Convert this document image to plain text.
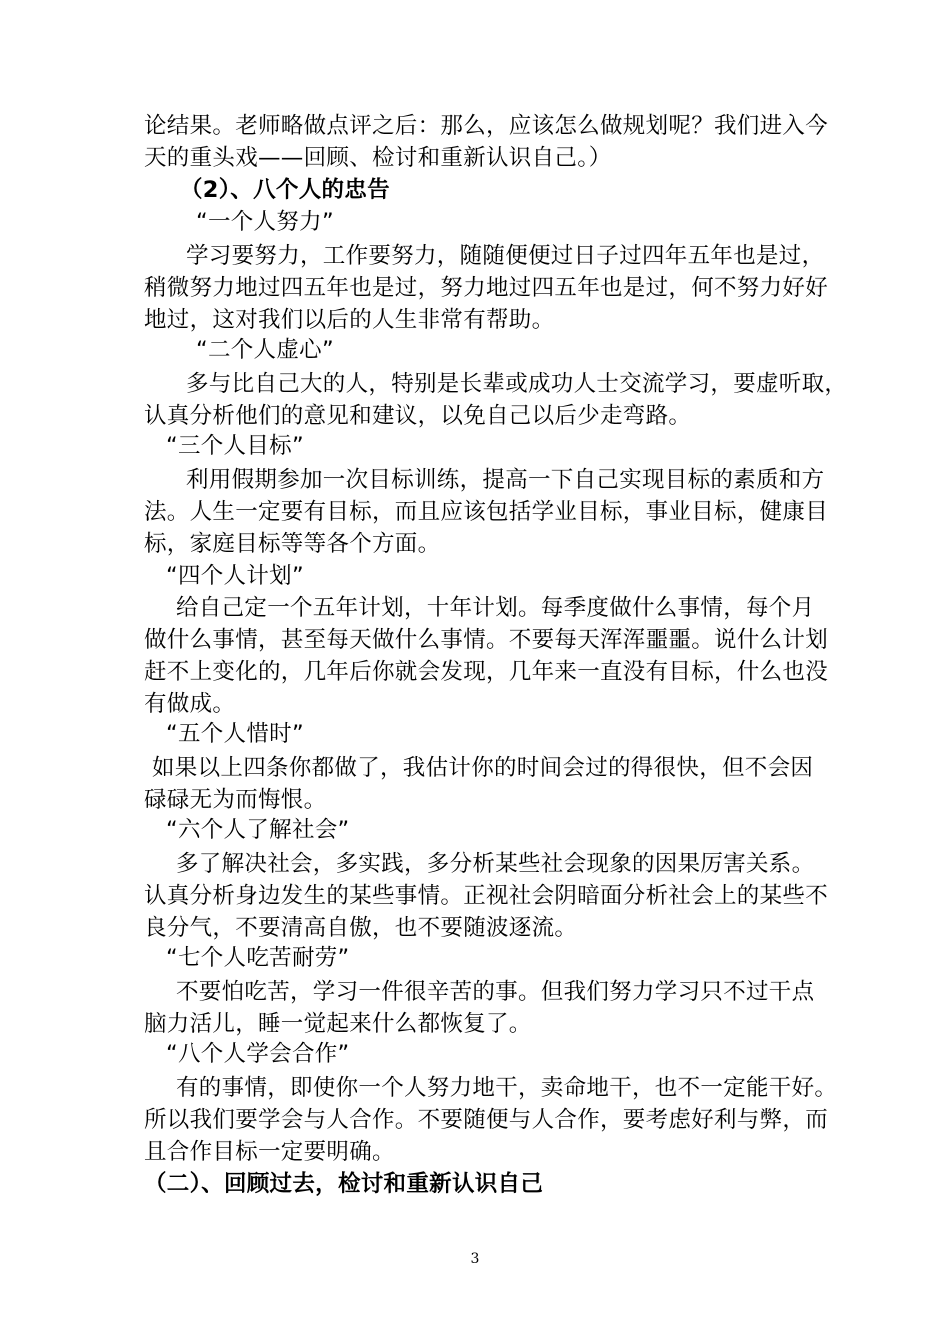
论结果。老师略做点评之后：那么，应该怎么做规划呢？我们进入今

天的重头戏——回顾、检讨和重新认识自己。）

（2）、八个人的忠告

“一个人努力”

学习要努力，工作要努力，随随便便过日子过四年五年也是过，

稍微努力地过四五年也是过，努力地过四五年也是过，何不努力好好

地过，这对我们以后的人生非常有帮助。

“二个人虚心”

多与比自己大的人，特别是长辈或成功人士交流学习，要虚听取，

认真分析他们的意见和建议，以免自己以后少走弯路。

“三个人目标”

利用假期参加一次目标训练，提高一下自己实现目标的素质和方

法。人生一定要有目标，而且应该包括学业目标，事业目标，健康目

标，家庭目标等等各个方面。

“四个人计划”

给自己定一个五年计划，十年计划。每季度做什么事情，每个月

做什么事情，甚至每天做什么事情。不要每天浑浑噩噩。说什么计划

赶不上变化的，几年后你就会发现，几年来一直没有目标，什么也没

有做成。

“五个人惜时”

如果以上四条你都做了，我估计你的时间会过的得很快，但不会因

碌碌无为而悔恨。

“六个人了解社会”

多了解决社会，多实践，多分析某些社会现象的因果厉害关系。

认真分析身边发生的某些事情。正视社会阴暗面分析社会上的某些不

良分气，不要清高自傲，也不要随波逐流。

“七个人吃苦耐劳”

不要怕吃苦，学习一件很辛苦的事。但我们努力学习只不过干点

脑力活儿，睡一觉起来什么都恢复了。

“八个人学会合作”

有的事情，即使你一个人努力地干，卖命地干，也不一定能干好。

所以我们要学会与人合作。不要随便与人合作，要考虑好利与弊，而

且合作目标一定要明确。

（二）、回顾过去，检讨和重新认识自己

3
